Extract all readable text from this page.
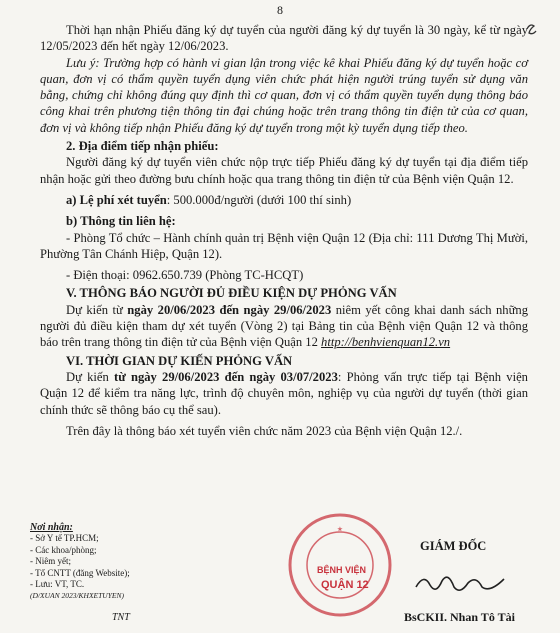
8

Thời hạn nhận Phiếu đăng ký dự tuyển của người đăng ký dự tuyển là 30 ngày, kể từ ngày 12/05/2023 đến hết ngày 12/06/2023.

Lưu ý: Trường hợp có hành vi gian lận trong việc kê khai Phiếu đăng ký dự tuyển hoặc cơ quan, đơn vị có thẩm quyền tuyển dụng viên chức phát hiện người trúng tuyển sử dụng văn bằng, chứng chỉ không đúng quy định thì cơ quan, đơn vị có thẩm quyền tuyển dụng thông báo công khai trên phương tiện thông tin đại chúng hoặc trên trang thông tin điện tử của cơ quan, đơn vị và không tiếp nhận Phiếu đăng ký dự tuyển trong một kỳ tuyển dụng tiếp theo.

2. Địa điểm tiếp nhận phiếu:

Người đăng ký dự tuyển viên chức nộp trực tiếp Phiếu đăng ký dự tuyển tại địa điểm tiếp nhận hoặc gửi theo đường bưu chính hoặc qua trang thông tin điện tử của Bệnh viện Quận 12.

a) Lệ phí xét tuyển: 500.000đ/người (dưới 100 thí sinh)

b) Thông tin liên hệ:

- Phòng Tổ chức – Hành chính quản trị Bệnh viện Quận 12 (Địa chỉ: 111 Dương Thị Mười, Phường Tân Chánh Hiệp, Quận 12).

- Điện thoại: 0962.650.739 (Phòng TC-HCQT)

V. THÔNG BÁO NGƯỜI ĐỦ ĐIỀU KIỆN DỰ PHỎNG VẤN

Dự kiến từ ngày 20/06/2023 đến ngày 29/06/2023 niêm yết công khai danh sách những người đủ điều kiện tham dự xét tuyển (Vòng 2) tại Bảng tin của Bệnh viện Quận 12 và thông báo trên trang thông tin điện tử của Bệnh viện Quận 12 http://benhvienquan12.vn

VI. THỜI GIAN DỰ KIẾN PHỎNG VẤN

Dự kiến từ ngày 29/06/2023 đến ngày 03/07/2023: Phỏng vấn trực tiếp tại Bệnh viện Quận 12 để kiểm tra năng lực, trình độ chuyên môn, nghiệp vụ của người dự tuyển (thời gian chính thức sẽ thông báo cụ thể sau).

Trên đây là thông báo xét tuyển viên chức năm 2023 của Bệnh viện Quận 12./.

Nơi nhận:
- Sở Y tế TP.HCM;
- Các khoa/phòng;
- Niêm yết;
- Tổ CNTT (đăng Website);
- Lưu: VT, TC.
(D/XUAN 2023/KHXETUYEN)
TNT
★
BỆNH VIỆN
QUẬN 12
GIÁM ĐỐC
BsCKII. Nhan Tô Tài
